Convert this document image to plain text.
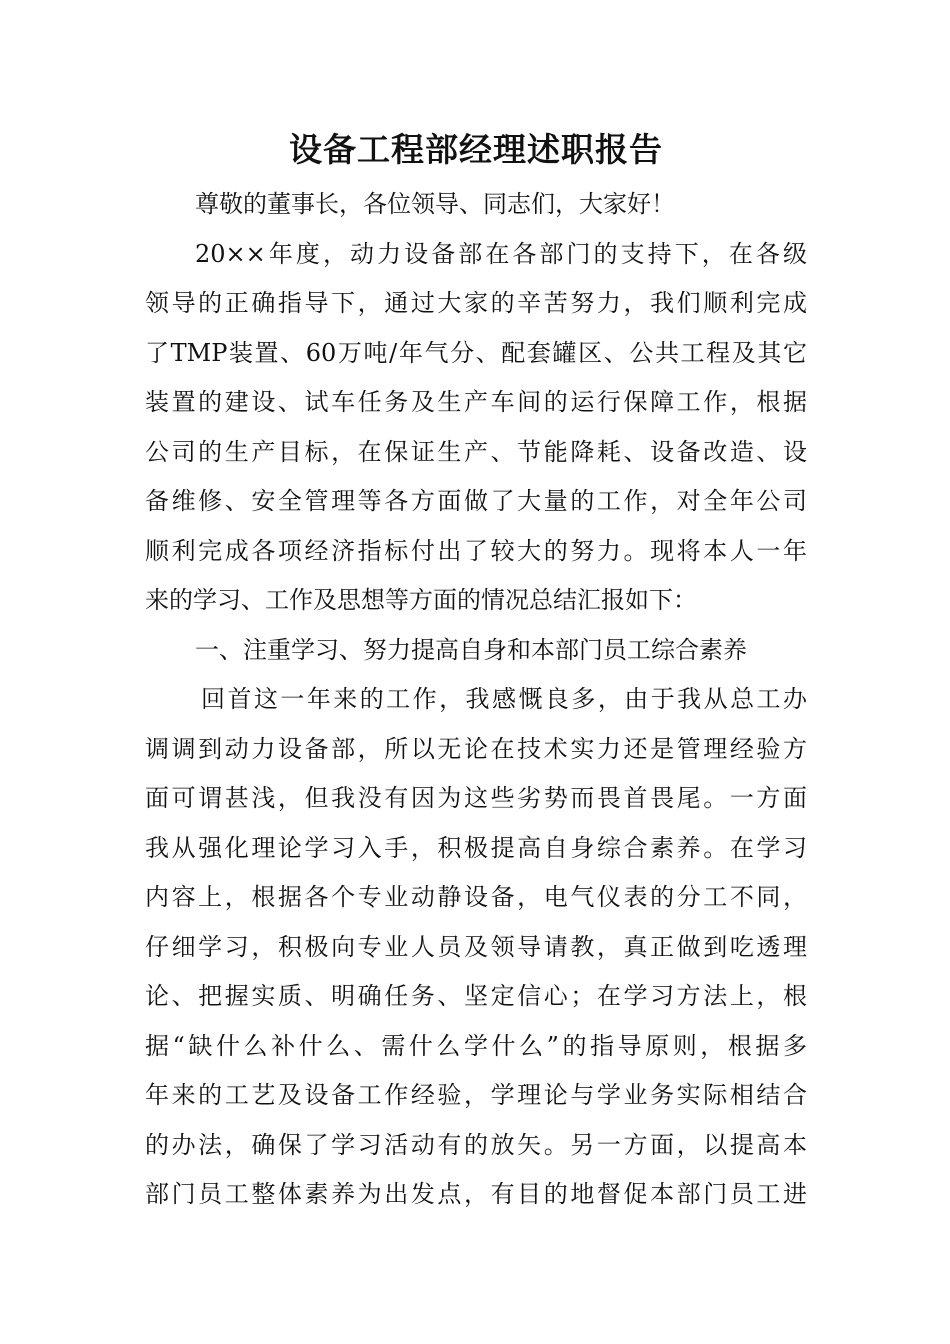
设备工程部经理述职报告
尊敬的董事长，各位领导、同志们，大家好！
20××年度，动力设备部在各部门的支持下，在各级
领导的正确指导下，通过大家的辛苦努力，我们顺利完成
了TMP装置、60万吨/年气分、配套罐区、公共工程及其它
装置的建设、试车任务及生产车间的运行保障工作，根据
公司的生产目标，在保证生产、节能降耗、设备改造、设
备维修、安全管理等各方面做了大量的工作，对全年公司
顺利完成各项经济指标付出了较大的努力。现将本人一年
来的学习、工作及思想等方面的情况总结汇报如下：
一、注重学习、努力提高自身和本部门员工综合素养
回首这一年来的工作，我感慨良多，由于我从总工办
调调到动力设备部，所以无论在技术实力还是管理经验方
面可谓甚浅，但我没有因为这些劣势而畏首畏尾。一方面
我从强化理论学习入手，积极提高自身综合素养。在学习
内容上，根据各个专业动静设备，电气仪表的分工不同，
仔细学习，积极向专业人员及领导请教，真正做到吃透理
论、把握实质、明确任务、坚定信心；在学习方法上，根
据“缺什么补什么、需什么学什么”的指导原则，根据多
年来的工艺及设备工作经验，学理论与学业务实际相结合
的办法，确保了学习活动有的放矢。另一方面，以提高本
部门员工整体素养为出发点，有目的地督促本部门员工进
